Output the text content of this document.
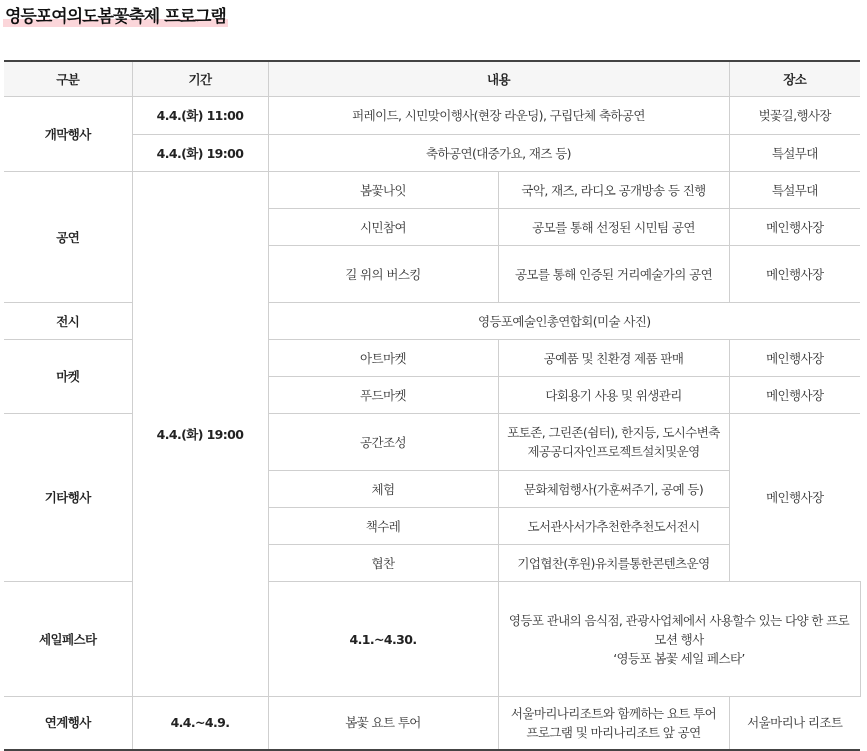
영등포여의도봄꽃축제 프로그램
구분	기간	내용		장소	
개막행사	4.4.(화) 11:00	퍼레이드, 시민맞이행사(현장 라운딩), 구립단체 축하공연		벚꽃길,행사장	
	4.4.(화) 19:00	축하공연(대중가요, 재즈 등)		특설무대	
공연	4.4.(화) 19:00	봄꽃나잇	국악, 재즈, 라디오 공개방송 등 진행	특설무대	
		시민참여	공모를 통해 선정된 시민팀 공연	메인행사장	
		길 위의 버스킹	공모를 통해 인증된 거리예술가의 공연	메인행사장	
전시		영등포예술인총연합회(미술 사진)			
마켓		아트마켓	공예품 및 친환경 제품 판매	메인행사장	
		푸드마켓	다회용기 사용 및 위생관리	메인행사장	
기타행사		공간조성	포토존, 그린존(쉼터), 한지등, 도시수변축제공공디자인프로젝트설치및운영	메인행사장	
		체험	문화체험행사(가훈써주기, 공예 등)		
		책수레	도서관사서가추천한추천도서전시		
		협찬	기업협찬(후원)유치를통한콘텐츠운영		
세일페스타		4.1.~4.30.	영등포 관내의 음식점, 관광사업체에서 사용할수 있는 다양 한 프로모션 행사
‘영등포 봄꽃 세일 페스타’

연계행사	4.4.~4.9.	봄꽃 요트 투어	서울마리나리조트와 함께하는 요트 투어 프로그램 및 마리나리조트 앞 공연	서울마리나 리조트	
